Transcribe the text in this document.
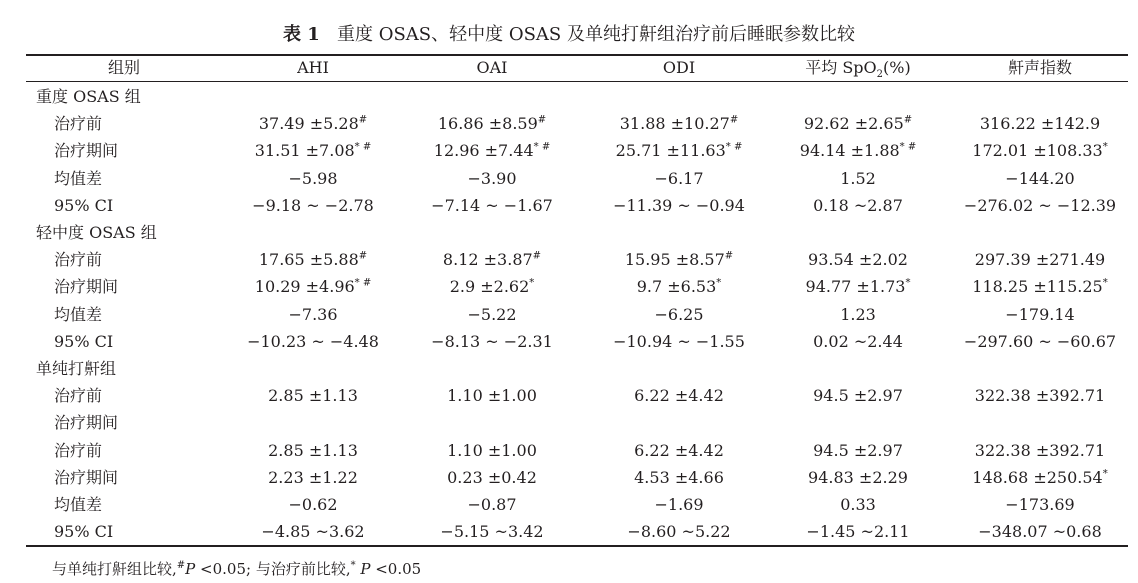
表 1 重度 OSAS、轻中度 OSAS 及单纯打鼾组治疗前后睡眠参数比较
组别	AHI	OAI	ODI	平均 SpO$_2$(%)	鼾声指数
重度 OSAS 组
治疗前	37.49 ±5.28#	16.86 ±8.59#	31.88 ±10.27#	92.62 ±2.65#	316.22 ±142.9
治疗期间	31.51 ±7.08* #	12.96 ±7.44* #	25.71 ±11.63* #	94.14 ±1.88* #	172.01 ±108.33*
均值差	−5.98	−3.90	−6.17	1.52	−144.20
95% CI	−9.18 ~ −2.78	−7.14 ~ −1.67	−11.39 ~ −0.94	0.18 ~2.87	−276.02 ~ −12.39
轻中度 OSAS 组
治疗前	17.65 ±5.88#	8.12 ±3.87#	15.95 ±8.57#	93.54 ±2.02	297.39 ±271.49
治疗期间	10.29 ±4.96* #	2.9 ±2.62*	9.7 ±6.53*	94.77 ±1.73*	118.25 ±115.25*
均值差	−7.36	−5.22	−6.25	1.23	−179.14
95% CI	−10.23 ~ −4.48	−8.13 ~ −2.31	−10.94 ~ −1.55	0.02 ~2.44	−297.60 ~ −60.67
单纯打鼾组
治疗前	2.85 ±1.13	1.10 ±1.00	6.22 ±4.42	94.5 ±2.97	322.38 ±392.71
治疗期间
治疗前	2.85 ±1.13	1.10 ±1.00	6.22 ±4.42	94.5 ±2.97	322.38 ±392.71
治疗期间	2.23 ±1.22	0.23 ±0.42	4.53 ±4.66	94.83 ±2.29	148.68 ±250.54*
均值差	−0.62	−0.87	−1.69	0.33	−173.69
95% CI	−4.85 ~3.62	−5.15 ~3.42	−8.60 ~5.22	−1.45 ~2.11	−348.07 ~0.68
与单纯打鼾组比较,#P <0.05; 与治疗前比较,* P <0.05
